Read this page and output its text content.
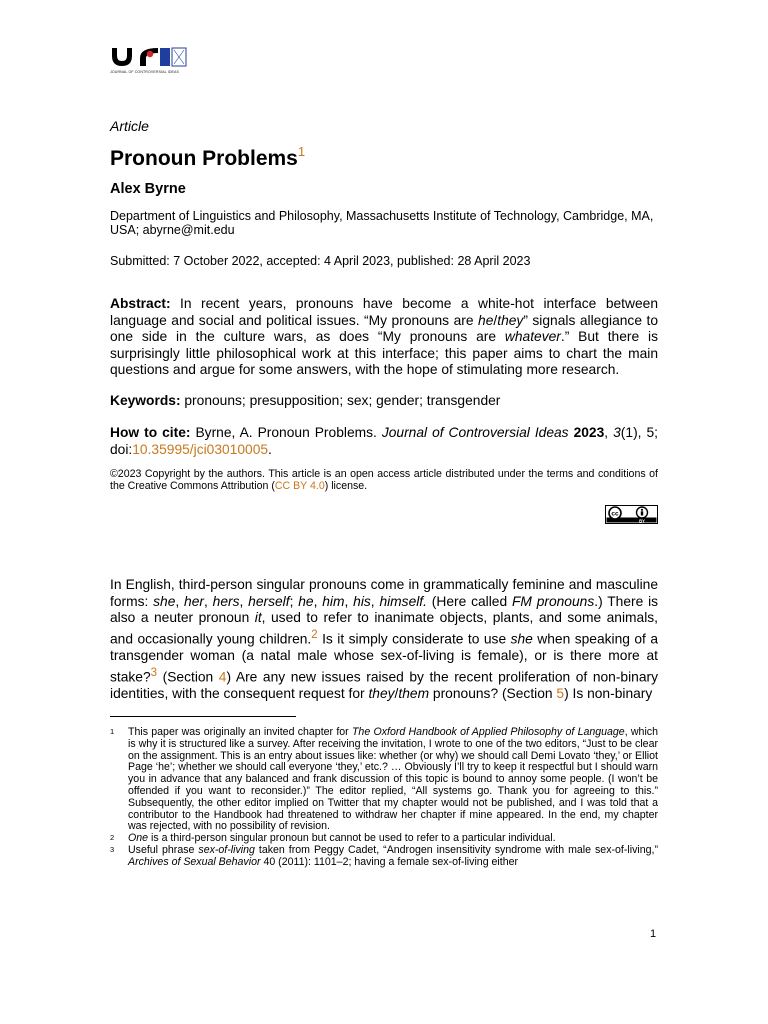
JOURNAL OF CONTROVERSIAL IDEAS
Article
Pronoun Problems$^1$
Alex Byrne
Department of Linguistics and Philosophy, Massachusetts Institute of Technology, Cambridge, MA, USA; abyrne@mit.edu
Submitted: 7 October 2022, accepted: 4 April 2023, published: 28 April 2023
Abstract: In recent years, pronouns have become a white-hot interface between language and social and political issues. “My pronouns are he/they” signals allegiance to one side in the culture wars, as does “My pronouns are whatever.” But there is surprisingly little philosophical work at this interface; this paper aims to chart the main questions and argue for some answers, with the hope of stimulating more research.
Keywords: pronouns; presupposition; sex; gender; transgender
How to cite: Byrne, A. Pronoun Problems. Journal of Controversial Ideas 2023, 3(1), 5; doi:10.35995/jci03010005.
©2023 Copyright by the authors. This article is an open access article distributed under the terms and conditions of the Creative Commons Attribution (CC BY 4.0) license.
cc
BY
In English, third-person singular pronouns come in grammatically feminine and masculine forms: she, her, hers, herself; he, him, his, himself. (Here called FM pronouns.) There is also a neuter pronoun it, used to refer to inanimate objects, plants, and some animals, and occasionally young children.$^2$ Is it simply considerate to use she when speaking of a transgender woman (a natal male whose sex-of-living is female), or is there more at stake?$^3$ (Section 4) Are any new issues raised by the recent proliferation of non-binary identities, with the consequent request for they/them pronouns? (Section 5) Is non-binary
1 This paper was originally an invited chapter for The Oxford Handbook of Applied Philosophy of Language, which is why it is structured like a survey. After receiving the invitation, I wrote to one of the two editors, “Just to be clear on the assignment. This is an entry about issues like: whether (or why) we should call Demi Lovato ‘they,’ or Elliot Page ‘he’; whether we should call everyone ‘they,’ etc.? … Obviously I’ll try to keep it respectful but I should warn you in advance that any balanced and frank discussion of this topic is bound to annoy some people. (I won’t be offended if you want to reconsider.)” The editor replied, “All systems go. Thank you for agreeing to this.” Subsequently, the other editor implied on Twitter that my chapter would not be published, and I was told that a contributor to the Handbook had threatened to withdraw her chapter if mine appeared. In the end, my chapter was rejected, with no possibility of revision.
2 One is a third-person singular pronoun but cannot be used to refer to a particular individual.
3 Useful phrase sex-of-living taken from Peggy Cadet, “Androgen insensitivity syndrome with male sex-of-living,” Archives of Sexual Behavior 40 (2011): 1101–2; having a female sex-of-living either
1
